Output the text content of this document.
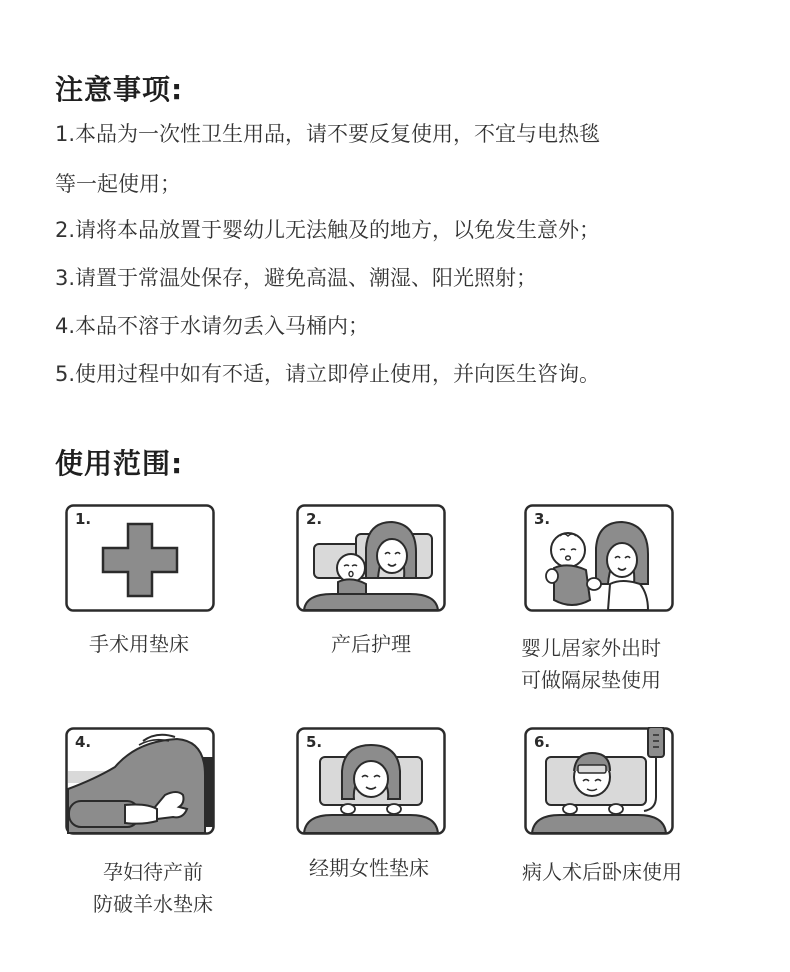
注意事项:
1.本品为一次性卫生用品，请不要反复使用，不宜与电热毯
等一起使用；
2.请将本品放置于婴幼儿无法触及的地方，以免发生意外；
3.请置于常温处保存，避免高温、潮湿、阳光照射；
4.本品不溶于水请勿丢入马桶内；
5.使用过程中如有不适，请立即停止使用，并向医生咨询。
使用范围:
1.
手术用垫床
2.
产后护理
3.
婴儿居家外出时
可做隔尿垫使用
4.
孕妇待产前
防破羊水垫床
5.
经期女性垫床
6.
病人术后卧床使用
